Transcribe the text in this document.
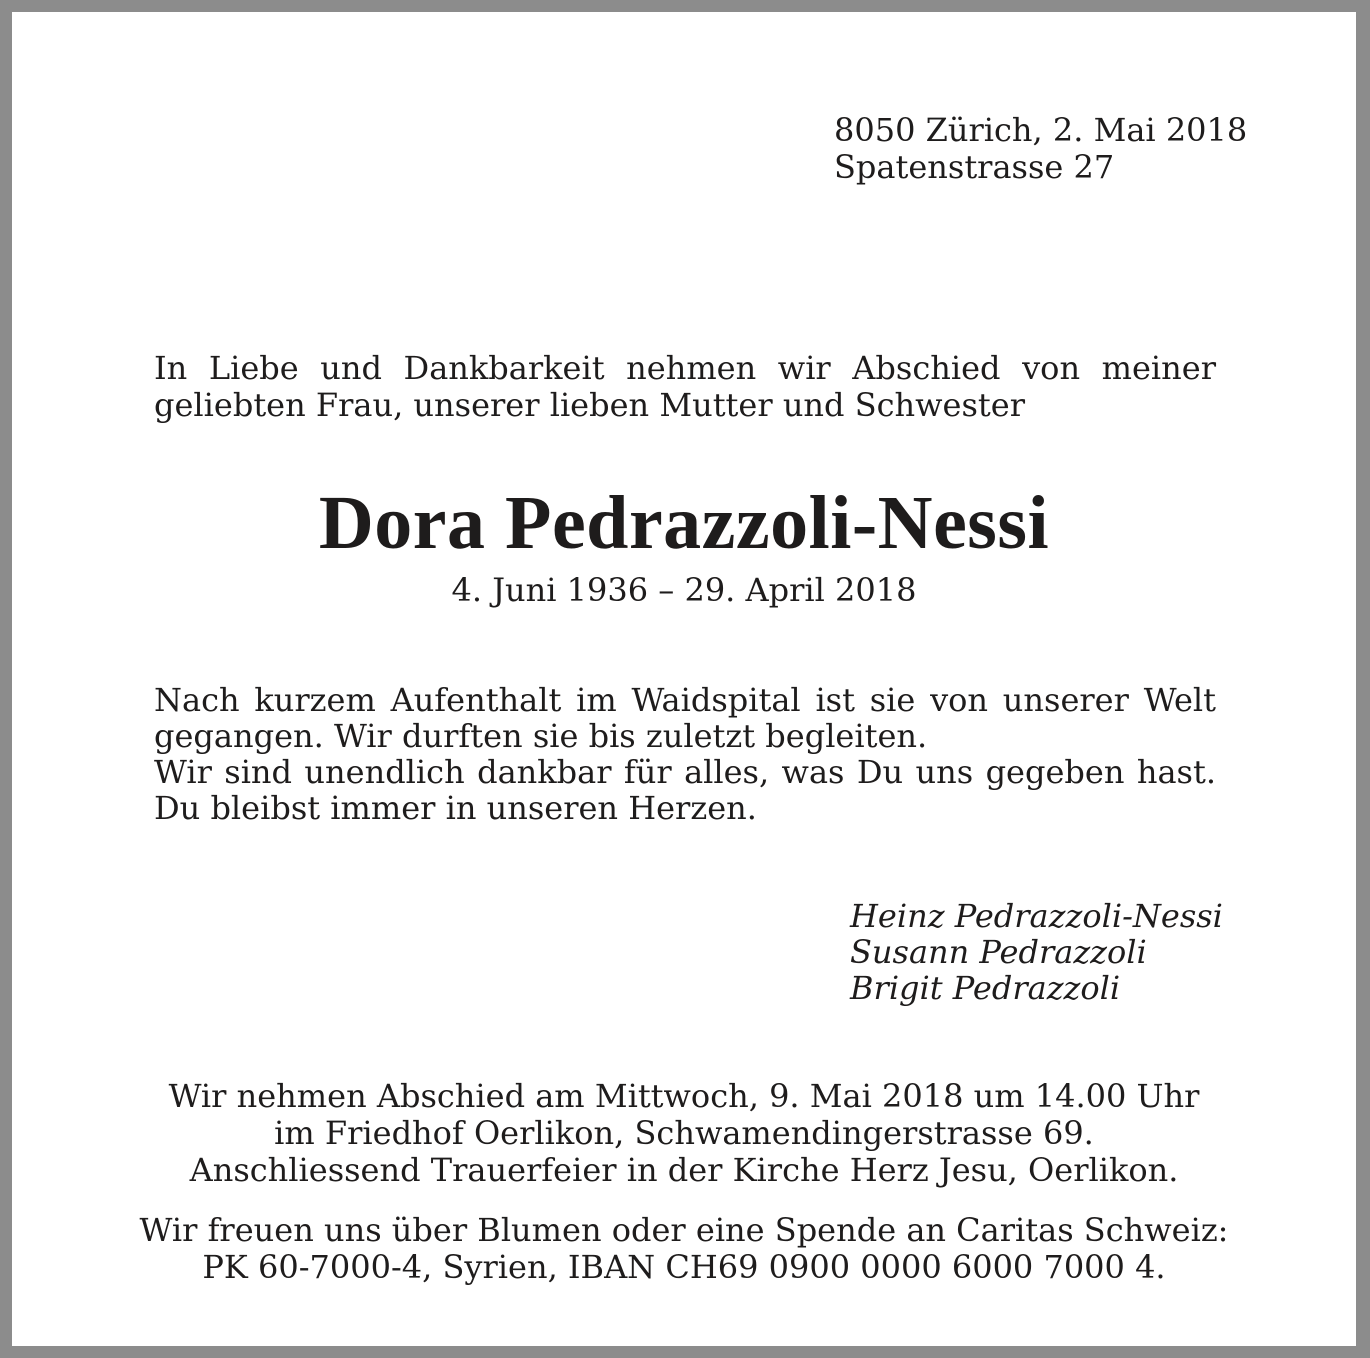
8050 Zürich, 2. Mai 2018
Spatenstrasse 27

In Liebe und Dankbarkeit nehmen wir Abschied von meiner geliebten Frau, unserer lieben Mutter und Schwester

Dora Pedrazzoli-Nessi
4. Juni 1936 – 29. April 2018

Nach kurzem Aufenthalt im Waidspital ist sie von unserer Welt gegangen. Wir durften sie bis zuletzt begleiten.

Wir sind unendlich dankbar für alles, was Du uns gegeben hast. Du bleibst immer in unseren Herzen.

Heinz Pedrazzoli-Nessi
Susann Pedrazzoli
Brigit Pedrazzoli
Wir nehmen Abschied am Mittwoch, 9. Mai 2018 um 14.00 Uhr
im Friedhof Oerlikon, Schwamendingerstrasse 69.
Anschliessend Trauerfeier in der Kirche Herz Jesu, Oerlikon.
Wir freuen uns über Blumen oder eine Spende an Caritas Schweiz:
PK 60-7000-4, Syrien, IBAN CH69 0900 0000 6000 7000 4.
